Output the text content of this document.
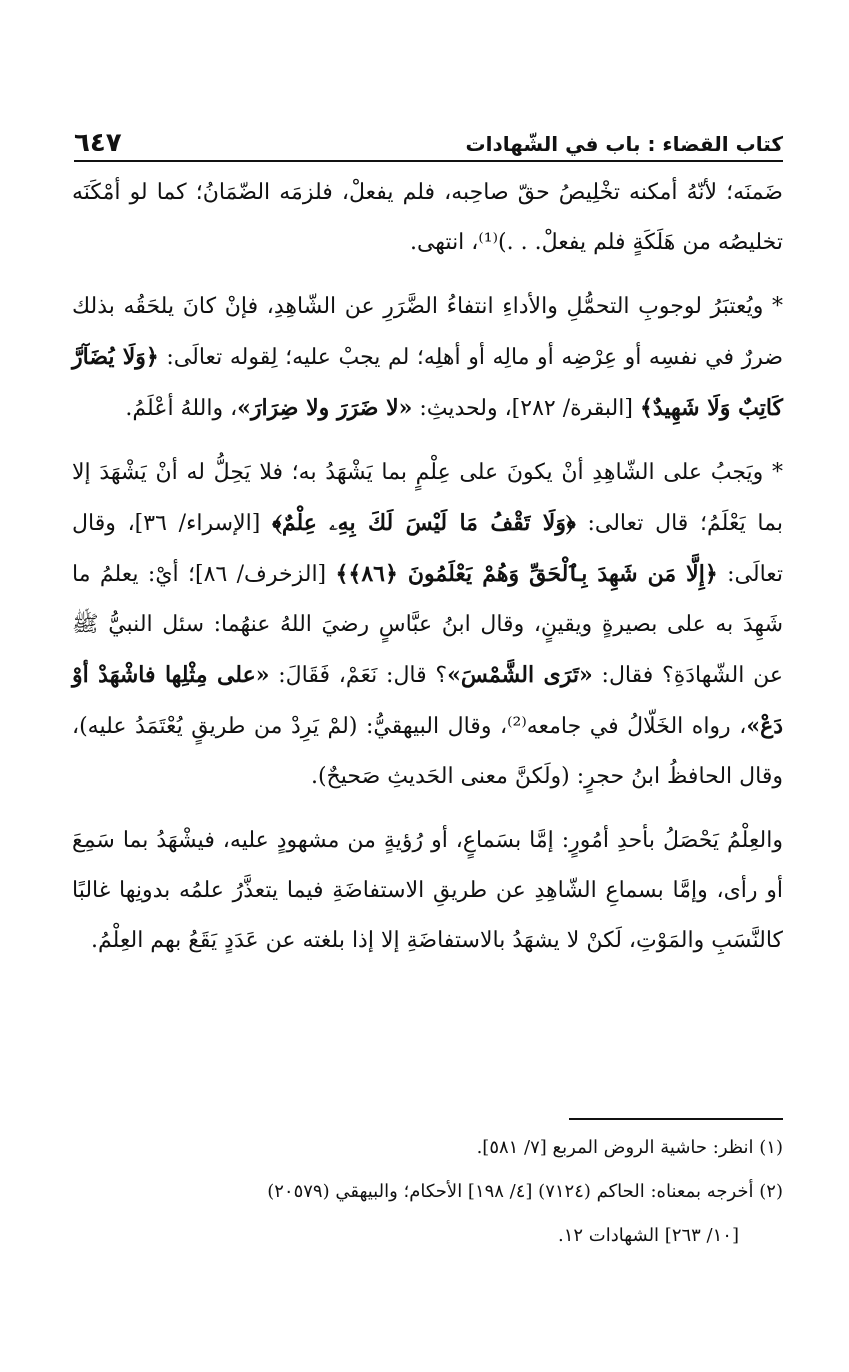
كتاب القضاء : باب في الشّهادات
٦٤٧

ضَمنَه؛ لأنّهُ أمكنه تخْلِيصُ حقّ صاحِبه، فلم يفعلْ، فلزمَه الضّمَانُ؛ كما لو أمْكَنَه تخليصُه من هَلَكَةٍ فلم يفعلْ. . .)⁽¹⁾، انتهى.

* ويُعتبَرُ لوجوبِ التحمُّلِ والأداءِ انتفاءُ الضَّرَرِ عن الشّاهِدِ، فإنْ كانَ يلحَقُه بذلك ضررٌ في نفسِه أو عِرْضِه أو مالِه أو أهلِه؛ لم يجبْ عليه؛ لِقوله تعالَى: ﴿وَلَا يُضَآرَّ كَاتِبٌ وَلَا شَهِيدٌ﴾ [البقرة/ ٢٨٢]، ولحديثِ: «لا ضَرَرَ ولا ضِرَارَ»، واللهُ أعْلَمُ.

* ويَجبُ على الشّاهِدِ أنْ يكونَ على عِلْمٍ بما يَشْهَدُ به؛ فلا يَحِلُّ له أنْ يَشْهَدَ إلا بما يَعْلَمُ؛ قال تعالى: ﴿وَلَا تَقْفُ مَا لَيْسَ لَكَ بِهِۦ عِلْمٌ﴾ [الإسراء/ ٣٦]، وقال تعالَى: ﴿إِلَّا مَن شَهِدَ بِٱلْحَقِّ وَهُمْ يَعْلَمُونَ ﴿٨٦﴾﴾ [الزخرف/ ٨٦]؛ أيْ: يعلمُ ما شَهِدَ به على بصيرةٍ ويقينٍ، وقال ابنُ عبَّاسٍ رضيَ اللهُ عنهُما: سئل النبيُّ ﷺ عن الشّهادَةِ؟ فقال: «تَرَى الشَّمْسَ»؟ قال: نَعَمْ، فَقَالَ: «على مِثْلِها فاشْهَدْ أوْ دَعْ»، رواه الخَلّالُ في جامعه⁽²⁾، وقال البيهقيُّ: (لمْ يَرِدْ من طريقٍ يُعْتَمَدُ عليه)، وقال الحافظُ ابنُ حجرٍ: (ولَكنَّ معنى الحَديثِ صَحيحٌ).

والعِلْمُ يَحْصَلُ بأحدِ أمُورٍ: إمَّا بسَماعٍ، أو رُؤيةٍ من مشهودٍ عليه، فيشْهَدُ بما سَمِعَ أو رأى، وإمَّا بسماعِ الشّاهِدِ عن طريقِ الاستفاضَةِ فيما يتعذَّرُ علمُه بدونِها غالبًا كالنَّسَبِ والمَوْتِ، لَكنْ لا يشهَدُ بالاستفاضَةِ إلا إذا بلغته عن عَدَدٍ يَقَعُ بهم العِلْمُ.

(١) انظر: حاشية الروض المربع [٧/ ٥٨١].

(٢) أخرجه بمعناه: الحاكم (٧١٢٤) [٤/ ١٩٨] الأحكام؛ والبيهقي (٢٠٥٧٩)

[١٠/ ٢٦٣] الشهادات ١٢.
